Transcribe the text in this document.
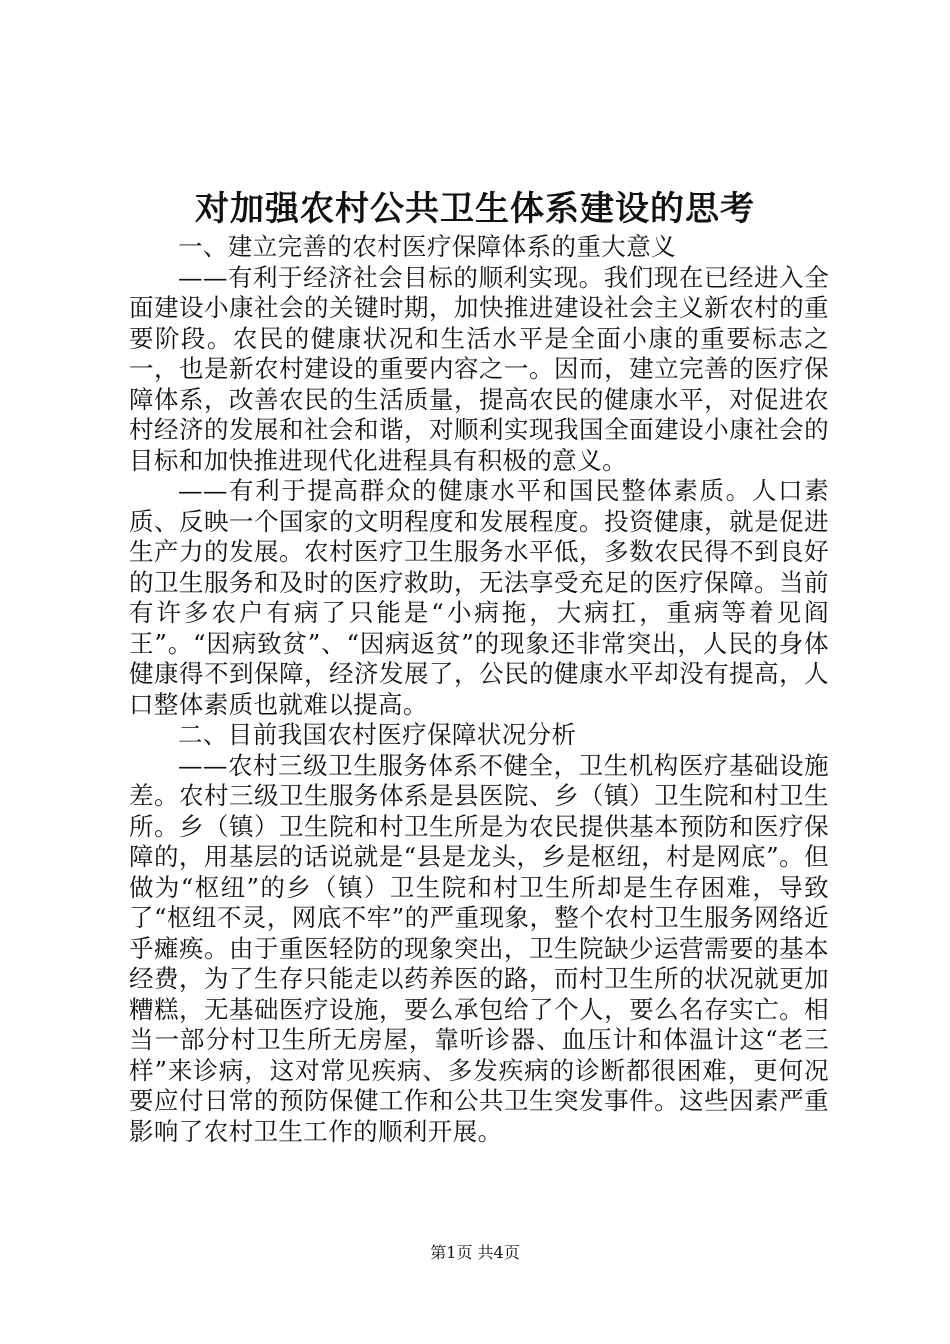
对加强农村公共卫生体系建设的思考

一、建立完善的农村医疗保障体系的重大意义

——有利于经济社会目标的顺利实现。我们现在已经进入全面建设小康社会的关键时期，加快推进建设社会主义新农村的重要阶段。农民的健康状况和生活水平是全面小康的重要标志之一，也是新农村建设的重要内容之一。因而，建立完善的医疗保障体系，改善农民的生活质量，提高农民的健康水平，对促进农村经济的发展和社会和谐，对顺利实现我国全面建设小康社会的目标和加快推进现代化进程具有积极的意义。

——有利于提高群众的健康水平和国民整体素质。人口素质、反映一个国家的文明程度和发展程度。投资健康，就是促进生产力的发展。农村医疗卫生服务水平低，多数农民得不到良好的卫生服务和及时的医疗救助，无法享受充足的医疗保障。当前有许多农户有病了只能是“小病拖，大病扛，重病等着见阎王”。“因病致贫”、“因病返贫”的现象还非常突出，人民的身体健康得不到保障，经济发展了，公民的健康水平却没有提高，人口整体素质也就难以提高。

二、目前我国农村医疗保障状况分析

——农村三级卫生服务体系不健全，卫生机构医疗基础设施差。农村三级卫生服务体系是县医院、乡（镇）卫生院和村卫生所。乡（镇）卫生院和村卫生所是为农民提供基本预防和医疗保障的，用基层的话说就是“县是龙头，乡是枢纽，村是网底”。但做为“枢纽”的乡（镇）卫生院和村卫生所却是生存困难，导致了“枢纽不灵，网底不牢”的严重现象，整个农村卫生服务网络近乎瘫痪。由于重医轻防的现象突出，卫生院缺少运营需要的基本经费，为了生存只能走以药养医的路，而村卫生所的状况就更加糟糕，无基础医疗设施，要么承包给了个人，要么名存实亡。相当一部分村卫生所无房屋，靠听诊器、血压计和体温计这“老三样”来诊病，这对常见疾病、多发疾病的诊断都很困难，更何况要应付日常的预防保健工作和公共卫生突发事件。这些因素严重影响了农村卫生工作的顺利开展。

第1页 共4页
